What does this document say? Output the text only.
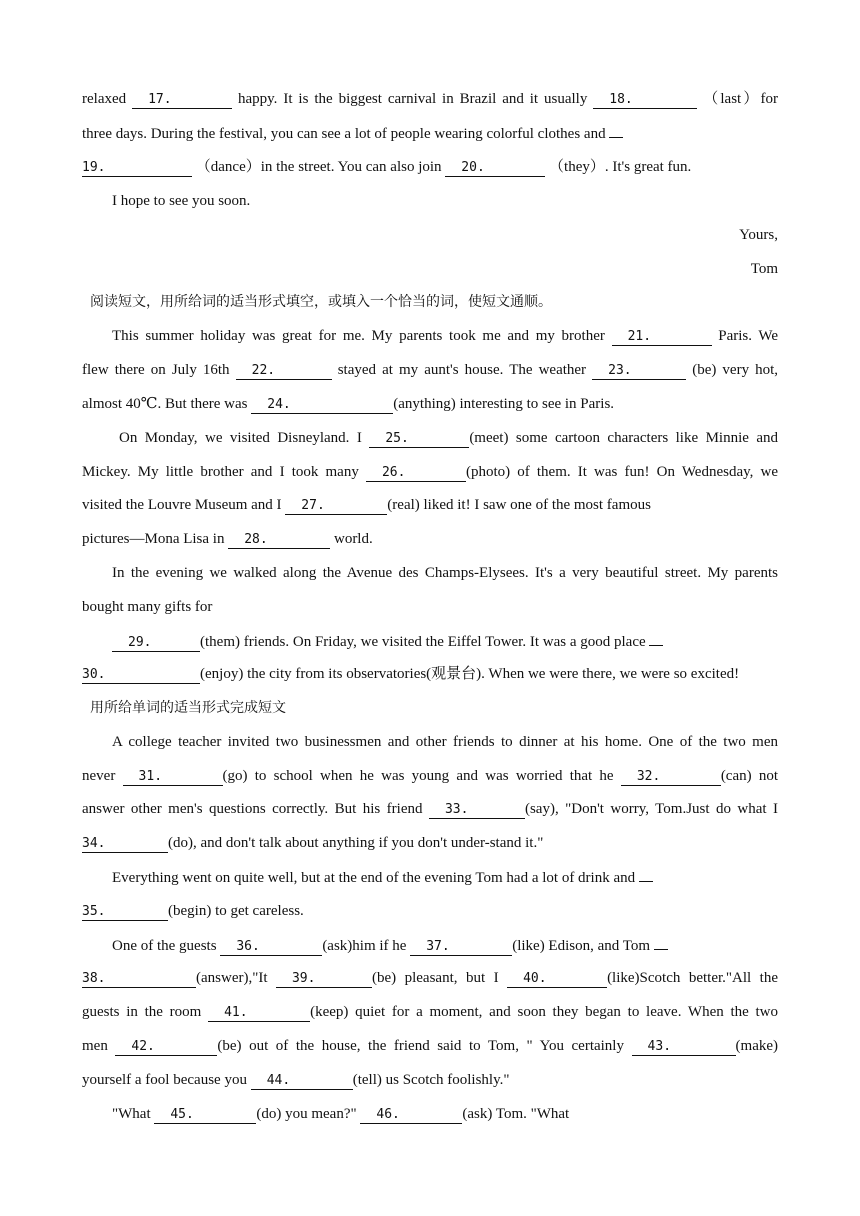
relaxed 17.	happy. It is the biggest carnival in Brazil and it usually 18.	（last）for
three days. During the festival, you can see a lot of people wearing colorful clothes and
19.	（dance）in the street. You can also join 20.	（they）. It's great fun.
I hope to see you soon.
Yours,
Tom
阅读短文，用所给词的适当形式填空，或填入一个恰当的词，使短文通顺。
This summer holiday was great for me. My parents took me and my brother 21.	Paris. We
flew there on July 16th 22.	stayed at my aunt's house. The weather 23.	(be) very hot,
almost 40℃. But there was 24.	(anything) interesting to see in Paris.
On Monday, we visited Disneyland. I 25.	(meet) some cartoon characters like Minnie and
Mickey. My little brother and I took many 26.	(photo) of them. It was fun! On Wednesday, we
visited the Louvre Museum and I 27.	(real) liked it! I saw one of the most famous
pictures—Mona Lisa in 28.	world.
In the evening we walked along the Avenue des Champs-Elysees. It's a very beautiful street. My parents
bought many gifts for
29.	(them) friends. On Friday, we visited the Eiffel Tower. It was a good place
30.	(enjoy) the city from its observatories(观景台). When we were there, we were so excited!
用所给单词的适当形式完成短文
A college teacher invited two businessmen and other friends to dinner at his home. One of the two men
never 31.	(go) to school when he was young and was worried that he 32.	(can) not
answer other men's questions correctly. But his friend 33.	(say), "Don't worry, Tom.Just do what I
34.	(do), and don't talk about anything if you don't under-stand it."
Everything went on quite well, but at the end of the evening Tom had a lot of drink and
35.	(begin) to get careless.
One of the guests 36.	(ask)him if he 37.	(like) Edison, and Tom
38.	(answer),"It 39.	(be) pleasant, but I 40.	(like)Scotch better."All the
guests in the room 41.	(keep) quiet for a moment, and soon they began to leave. When the two
men 42.	(be) out of the house, the friend said to Tom, " You certainly 43.	(make)
yourself a fool because you 44.	(tell) us Scotch foolishly."
"What 45.	(do) you mean?" 46.	(ask) Tom. "What
